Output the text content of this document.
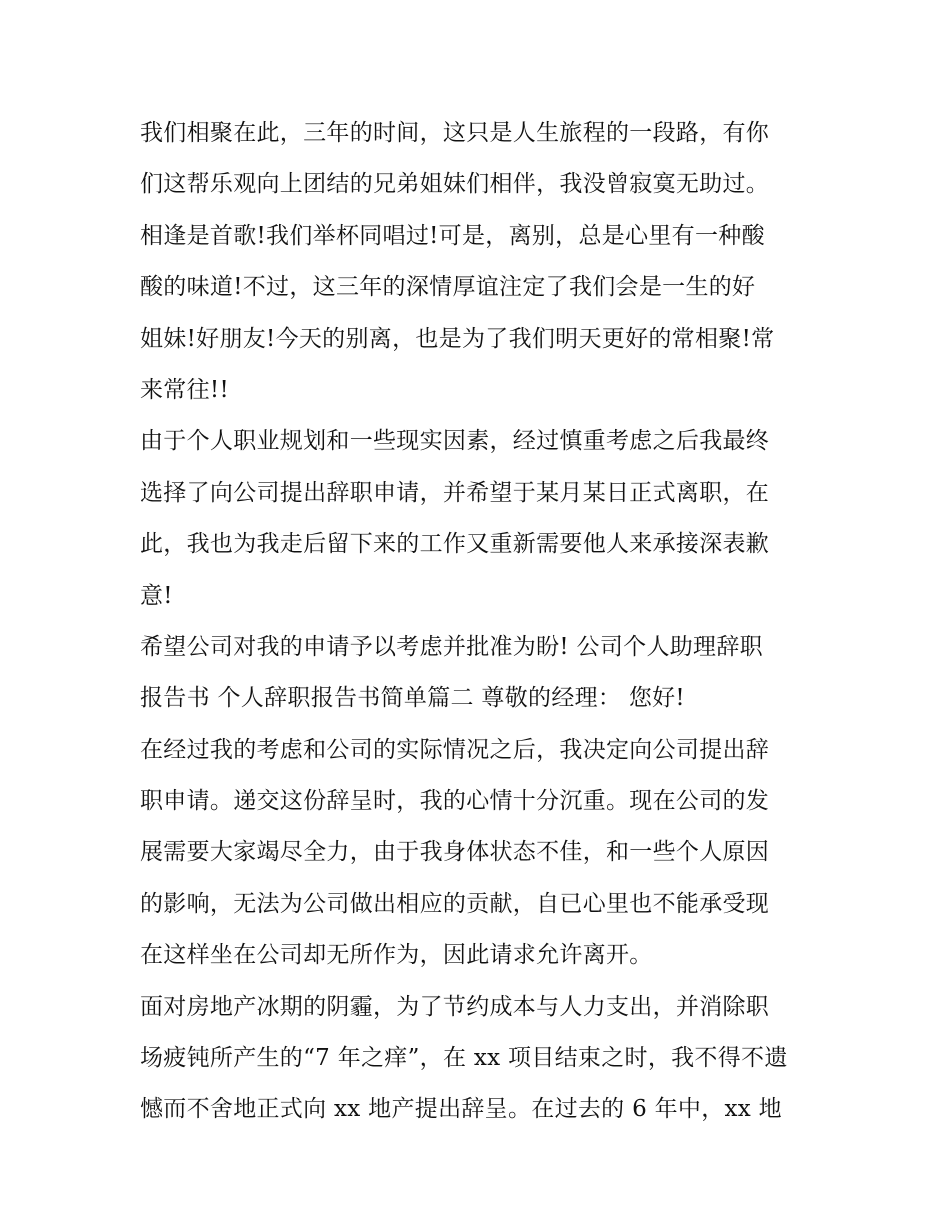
我们相聚在此，三年的时间，这只是人生旅程的一段路，有你
们这帮乐观向上团结的兄弟姐妹们相伴，我没曾寂寞无助过。
相逢是首歌!我们举杯同唱过!可是，离别，总是心里有一种酸
酸的味道!不过，这三年的深情厚谊注定了我们会是一生的好
姐妹!好朋友!今天的别离，也是为了我们明天更好的常相聚!常
来常往!!
由于个人职业规划和一些现实因素，经过慎重考虑之后我最终
选择了向公司提出辞职申请，并希望于某月某日正式离职，在
此，我也为我走后留下来的工作又重新需要他人来承接深表歉
意!
希望公司对我的申请予以考虑并批准为盼! 公司个人助理辞职
报告书 个人辞职报告书简单篇二 尊敬的经理： 您好!
在经过我的考虑和公司的实际情况之后，我决定向公司提出辞
职申请。递交这份辞呈时，我的心情十分沉重。现在公司的发
展需要大家竭尽全力，由于我身体状态不佳，和一些个人原因
的影响，无法为公司做出相应的贡献，自已心里也不能承受现
在这样坐在公司却无所作为，因此请求允许离开。
面对房地产冰期的阴霾，为了节约成本与人力支出，并消除职
场疲钝所产生的“7 年之痒”，在 xx 项目结束之时，我不得不遗
憾而不舍地正式向 xx 地产提出辞呈。在过去的 6 年中，xx 地
